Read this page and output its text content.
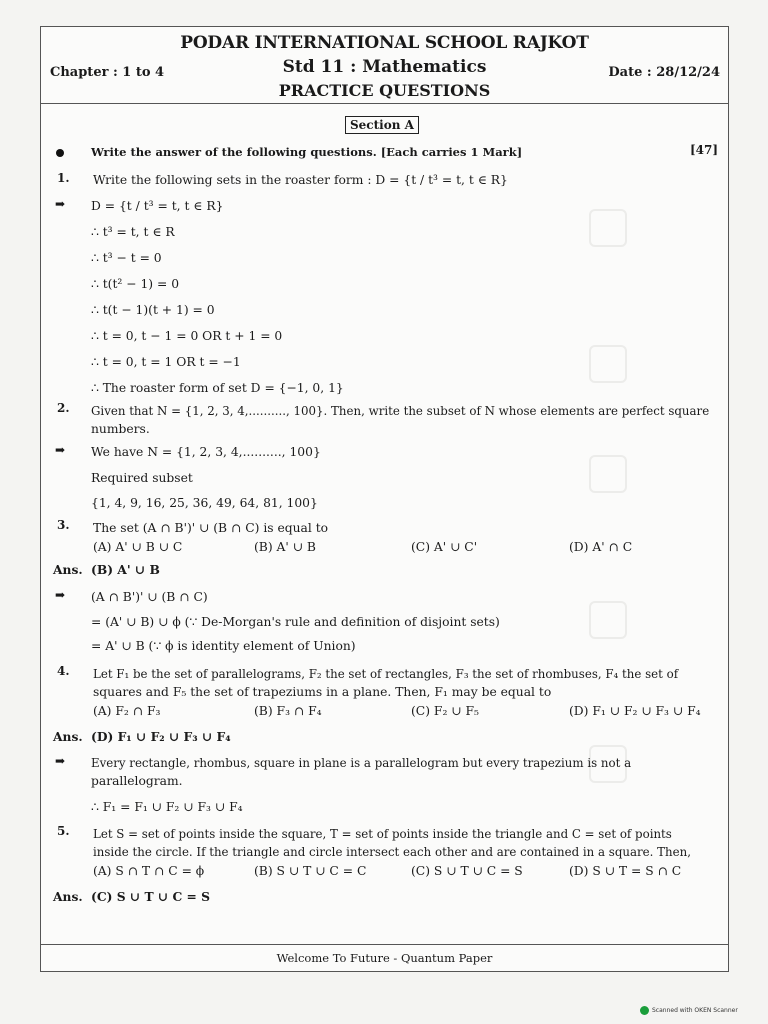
PODAR INTERNATIONAL SCHOOL RAJKOT
Std 11 : Mathematics
PRACTICE QUESTIONS
Chapter : 1 to 4	Date : 28/12/24
Section A
Write the answer of the following questions. [Each carries 1 Mark]	[47]
1. Write the following sets in the roaster form : D = {t / t³ = t, t ∈ R}
➡ D = {t / t³ = t, t ∈ R}
∴ t³ = t, t ∈ R
∴ t³ − t = 0
∴ t(t² − 1) = 0
∴ t(t − 1)(t + 1) = 0
∴ t = 0, t − 1 = 0 OR t + 1 = 0
∴ t = 0, t = 1 OR t = −1
∴ The roaster form of set D = {−1, 0, 1}
2. Given that N = {1, 2, 3, 4,.........., 100}. Then, write the subset of N whose elements are perfect square
numbers.
➡ We have N = {1, 2, 3, 4,.........., 100}
Required subset
{1, 4, 9, 16, 25, 36, 49, 64, 81, 100}
3. The set (A ∩ B')' ∪ (B ∩ C) is equal to
(A) A' ∪ B ∪ C	(B) A' ∪ B	(C) A' ∪ C'	(D) A' ∩ C
Ans. (B) A' ∪ B
➡ (A ∩ B')' ∪ (B ∩ C)
= (A' ∪ B) ∪ ϕ (∵ De-Morgan's rule and definition of disjoint sets)
= A' ∪ B (∵ ϕ is identity element of Union)
4. Let F₁ be the set of parallelograms, F₂ the set of rectangles, F₃ the set of rhombuses, F₄ the set of
squares and F₅ the set of trapeziums in a plane. Then, F₁ may be equal to
(A) F₂ ∩ F₃	(B) F₃ ∩ F₄	(C) F₂ ∪ F₅	(D) F₁ ∪ F₂ ∪ F₃ ∪ F₄
Ans. (D) F₁ ∪ F₂ ∪ F₃ ∪ F₄
➡ Every rectangle, rhombus, square in plane is a parallelogram but every trapezium is not a
parallelogram.
∴ F₁ = F₁ ∪ F₂ ∪ F₃ ∪ F₄
5. Let S = set of points inside the square, T = set of points inside the triangle and C = set of points
inside the circle. If the triangle and circle intersect each other and are contained in a square. Then,
(A) S ∩ T ∩ C = ϕ	(B) S ∪ T ∪ C = C	(C) S ∪ T ∪ C = S	(D) S ∪ T = S ∩ C
Ans. (C) S ∪ T ∪ C = S
Welcome To Future - Quantum Paper
Scanned with OKEN Scanner
